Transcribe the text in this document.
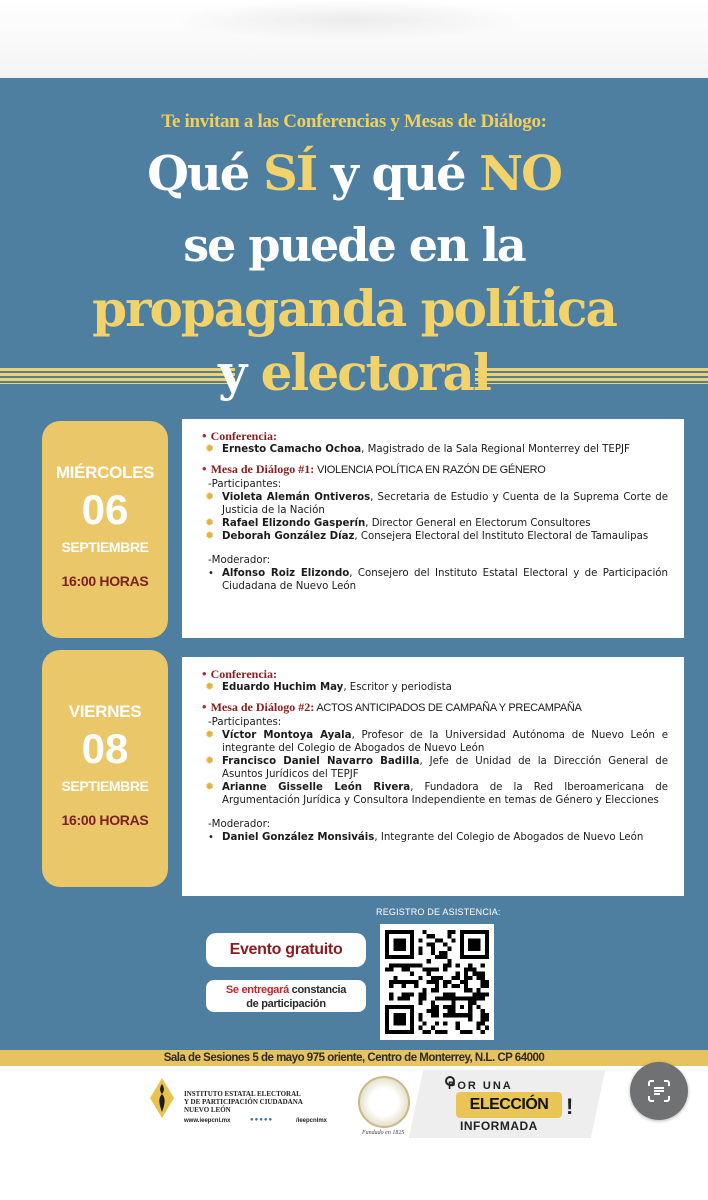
Te invitan a las Conferencias y Mesas de Diálogo:
Qué SÍ y qué NO
se puede en la
propaganda política
y electoral
MIÉRCOLES
06
SEPTIEMBRE
16:00 HORAS

• Conferencia:

✹ Ernesto Camacho Ochoa, Magistrado de la Sala Regional Monterrey del TEPJF

• Mesa de Diálogo #1: VIOLENCIA POLÍTICA EN RAZÓN DE GÉNERO

-Participantes:

✹ Violeta Alemán Ontiveros, Secretaria de Estudio y Cuenta de la Suprema Corte de Justicia de la Nación

✹ Rafael Elizondo Gasperín, Director General en Electorum Consultores

✹ Deborah González Díaz, Consejera Electoral del Instituto Electoral de Tamaulipas

-Moderador:

• Alfonso Roiz Elizondo, Consejero del Instituto Estatal Electoral y de Participación Ciudadana de Nuevo León

VIERNES
08
SEPTIEMBRE
16:00 HORAS

• Conferencia:

✹ Eduardo Huchim May, Escritor y periodista

• Mesa de Diálogo #2: ACTOS ANTICIPADOS DE CAMPAÑA Y PRECAMPAÑA

-Participantes:

✹ Víctor Montoya Ayala, Profesor de la Universidad Autónoma de Nuevo León e integrante del Colegio de Abogados de Nuevo León

✹ Francisco Daniel Navarro Badilla, Jefe de Unidad de la Dirección General de Asuntos Jurídicos del TEPJF

✹ Arianne Gisselle León Rivera, Fundadora de la Red Iberoamericana de Argumentación Jurídica y Consultora Independiente en temas de Género y Elecciones

-Moderador:

• Daniel González Monsiváis, Integrante del Colegio de Abogados de Nuevo León

REGISTRO DE ASISTENCIA:
Evento gratuito
Se entregará constancia
de participación
Sala de Sesiones 5 de mayo 975 oriente, Centro de Monterrey, N.L. CP 64000
INSTITUTO ESTATAL ELECTORAL
Y DE PARTICIPACIÓN CIUDADANA
NUEVO LEÓN
www.ieepcnl.mx	●●●●●	/ieepcnlmx
Fundado en 1825
POR UNA
ELECCIÓN !
INFORMADA
